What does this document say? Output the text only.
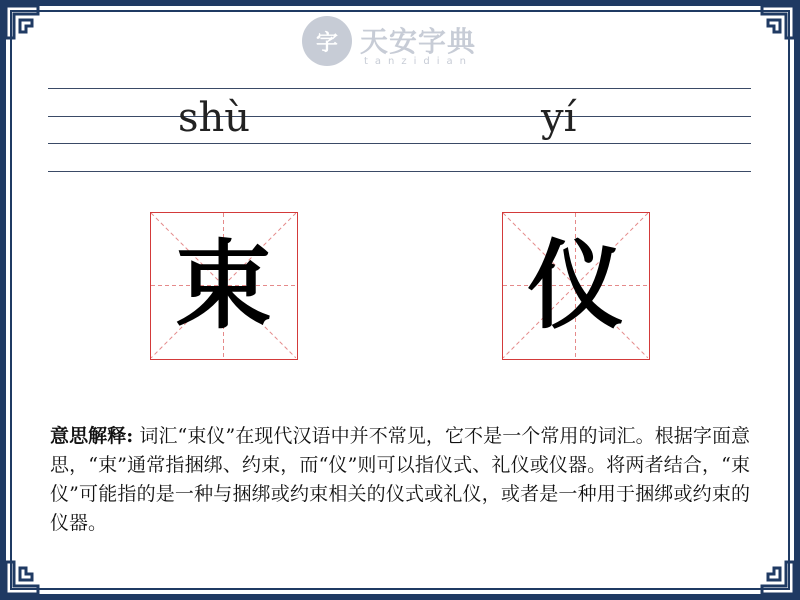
字 天安字典
tanzidian
shù	yí
束	仪
意思解释: 词汇“束仪”在现代汉语中并不常见，它不是一个常用的词汇。根据字面意思，“束”通常指捆绑、约束，而“仪”则可以指仪式、礼仪或仪器。将两者结合，“束仪”可能指的是一种与捆绑或约束相关的仪式或礼仪，或者是一种用于捆绑或约束的仪器。
